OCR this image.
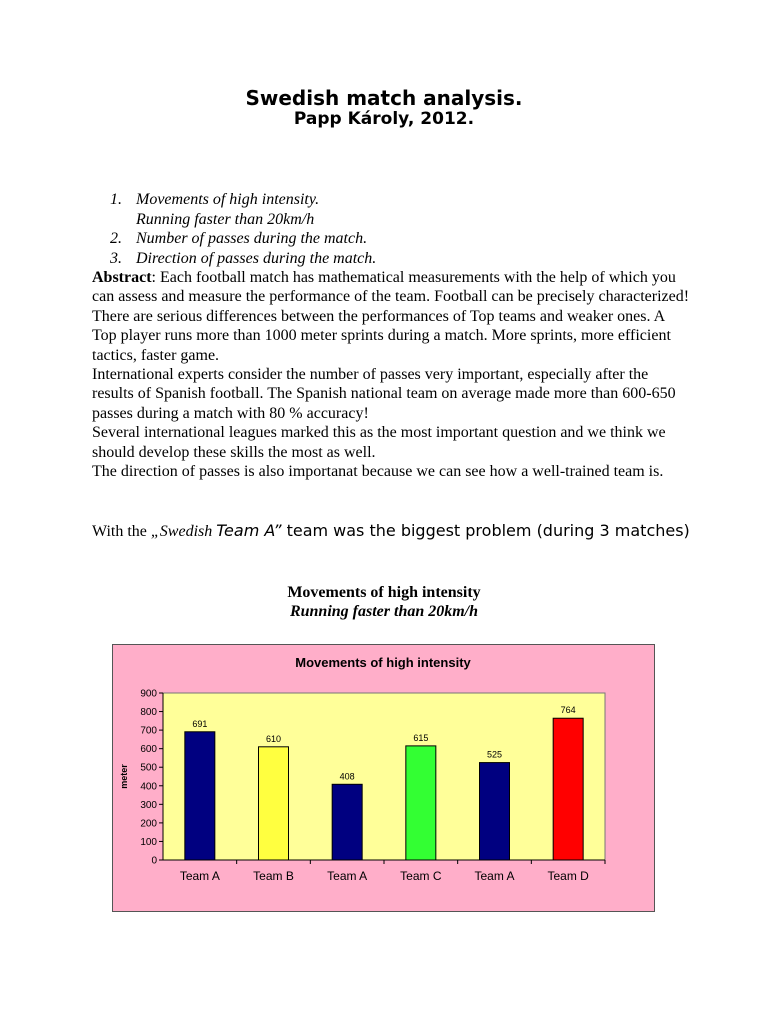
Swedish match analysis.
Papp Károly, 2012.
1. Movements of high intensity.
Running faster than 20km/h
2. Number of passes during the match.
3. Direction of passes during the match.

Abstract: Each football match has mathematical measurements with the help of which you can assess and measure the performance of the team. Football can be precisely characterized!

There are serious differences between the performances of Top teams and weaker ones. A Top player runs more than 1000 meter sprints during a match. More sprints, more efficient tactics, faster game.

International experts consider the number of passes very important, especially after the results of Spanish football. The Spanish national team on average made more than 600-650 passes during a match with 80 % accuracy!

Several international leagues marked this as the most important question and we think we should develop these skills the most as well.

The direction of passes is also importanat because we can see how a well-trained team is.

With the „Swedish Team A” team was the biggest problem (during 3 matches)
Movements of high intensity
Running faster than 20km/h
Movements of high intensity
meter
0
100
200
300
400
500
600
700
800
900
691
Team A
610
Team B
408
Team A
615
Team C
525
Team A
764
Team D
